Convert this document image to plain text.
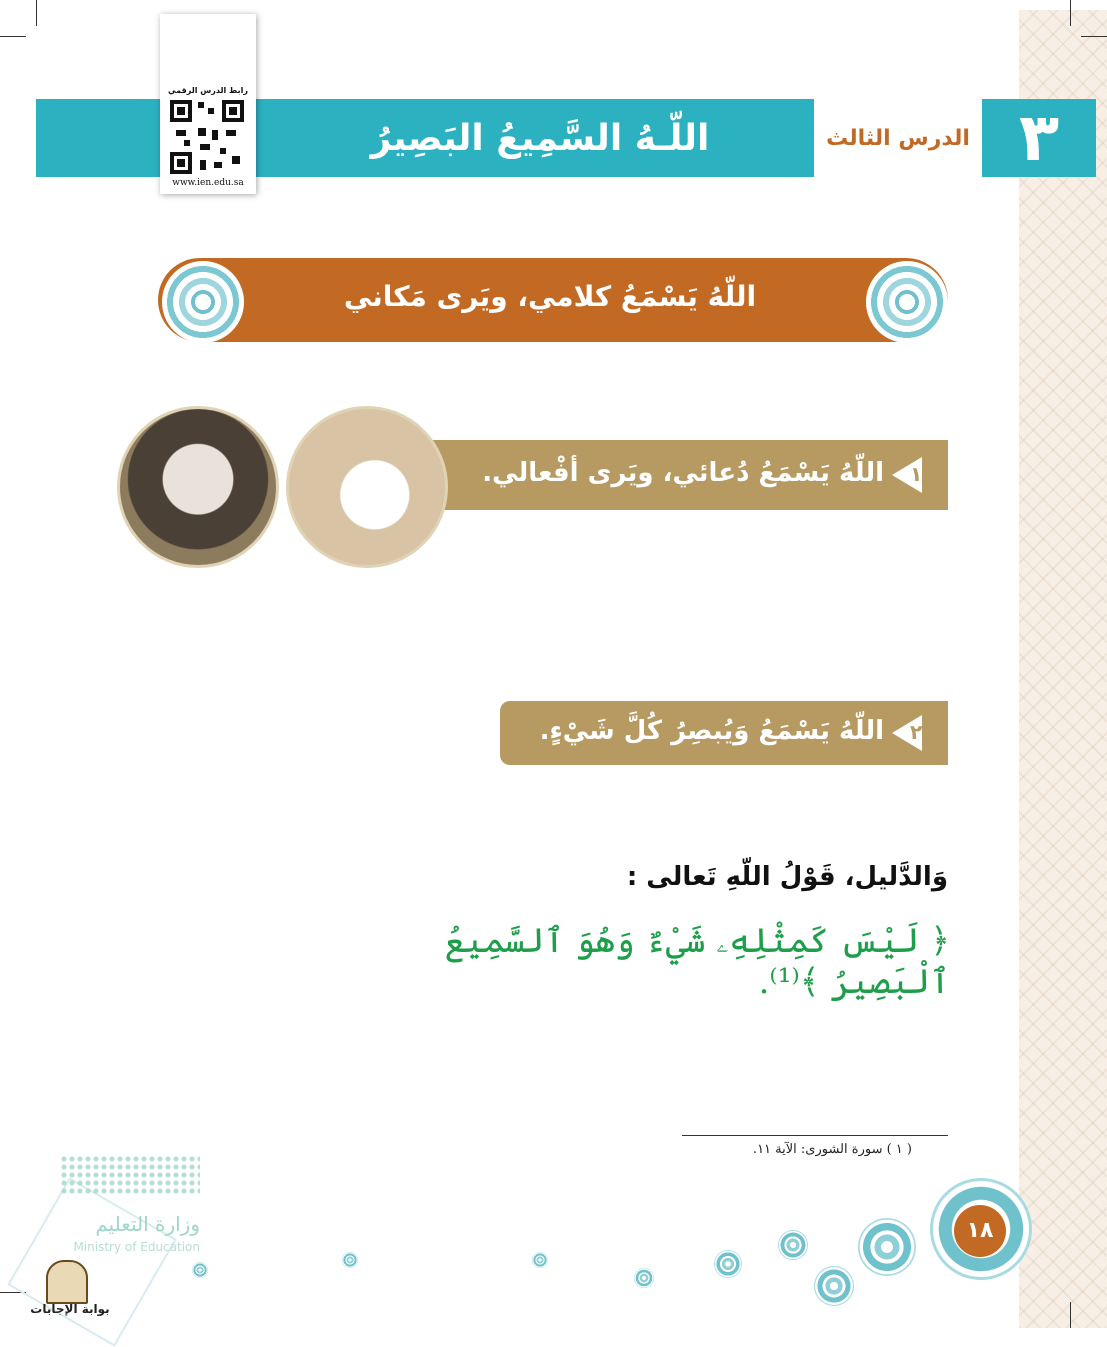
اللّـهُ السَّمِيعُ البَصِيرُ	الدرس الثالث ٣
رابط الدرس الرقمي
www.ien.edu.sa
اللّهُ يَسْمَعُ كلامي، ويَرى مَكاني
١
اللّهُ يَسْمَعُ دُعائي، ويَرى أفْعالي.
٢
اللّهُ يَسْمَعُ وَيُبصِرُ كُلَّ شَيْءٍ.
وَالدَّليل، قَوْلُ اللّهِ تَعالى :
﴿ لَيْسَ كَمِثْلِهِۦ شَيْءٌ وَهُوَ ٱلسَّمِيعُ ٱلْبَصِيرُ ﴾⁽¹⁾.
( ١ ) سورة الشورى: الآية ١١.
١٨
وزارة التعليم
Ministry of Education
بوابة الإجابات
